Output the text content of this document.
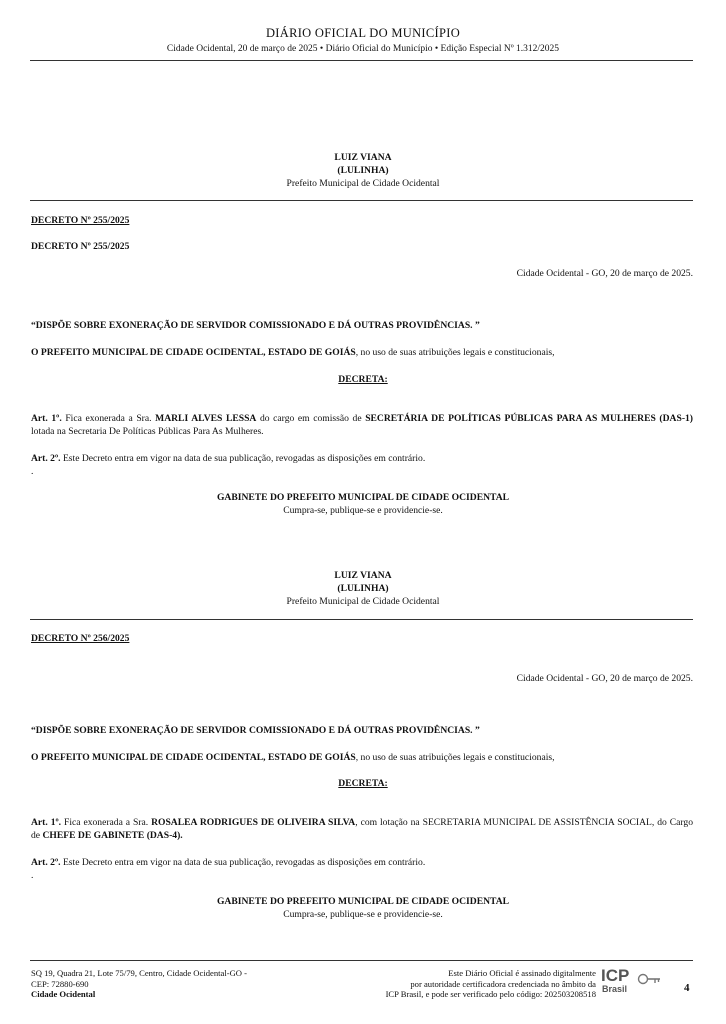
DIÁRIO OFICIAL DO MUNICÍPIO
Cidade Ocidental, 20 de março de 2025 • Diário Oficial do Município • Edição Especial Nº 1.312/2025
LUIZ VIANA
(LULINHA)
Prefeito Municipal de Cidade Ocidental
DECRETO Nº 255/2025
DECRETO Nº 255/2025
Cidade Ocidental - GO, 20 de março de 2025.
“DISPÕE SOBRE EXONERAÇÃO DE SERVIDOR COMISSIONADO E DÁ OUTRAS PROVIDÊNCIAS. ”
O PREFEITO MUNICIPAL DE CIDADE OCIDENTAL, ESTADO DE GOIÁS, no uso de suas atribuições legais e constitucionais,
DECRETA:
Art. 1º. Fica exonerada a Sra. MARLI ALVES LESSA do cargo em comissão de SECRETÁRIA DE POLÍTICAS PÚBLICAS PARA AS MULHERES (DAS-1) lotada na Secretaria De Políticas Públicas Para As Mulheres.
Art. 2º. Este Decreto entra em vigor na data de sua publicação, revogadas as disposições em contrário.
.
GABINETE DO PREFEITO MUNICIPAL DE CIDADE OCIDENTAL
Cumpra-se, publique-se e providencie-se.
LUIZ VIANA
(LULINHA)
Prefeito Municipal de Cidade Ocidental
DECRETO Nº 256/2025
Cidade Ocidental - GO, 20 de março de 2025.
“DISPÕE SOBRE EXONERAÇÃO DE SERVIDOR COMISSIONADO E DÁ OUTRAS PROVIDÊNCIAS. ”
O PREFEITO MUNICIPAL DE CIDADE OCIDENTAL, ESTADO DE GOIÁS, no uso de suas atribuições legais e constitucionais,
DECRETA:
Art. 1º. Fica exonerada a Sra. ROSALEA RODRIGUES DE OLIVEIRA SILVA, com lotação na SECRETARIA MUNICIPAL DE ASSISTÊNCIA SOCIAL, do Cargo de CHEFE DE GABINETE (DAS-4).
Art. 2º. Este Decreto entra em vigor na data de sua publicação, revogadas as disposições em contrário.
.
GABINETE DO PREFEITO MUNICIPAL DE CIDADE OCIDENTAL
Cumpra-se, publique-se e providencie-se.
SQ 19, Quadra 21, Lote 75/79, Centro, Cidade Ocidental-GO -
CEP: 72880-690
Cidade Ocidental
Este Diário Oficial é assinado digitalmente
por autoridade certificadora credenciada no âmbito da
ICP Brasil, e pode ser verificado pelo código: 202503208518
ICP
Brasil	4
